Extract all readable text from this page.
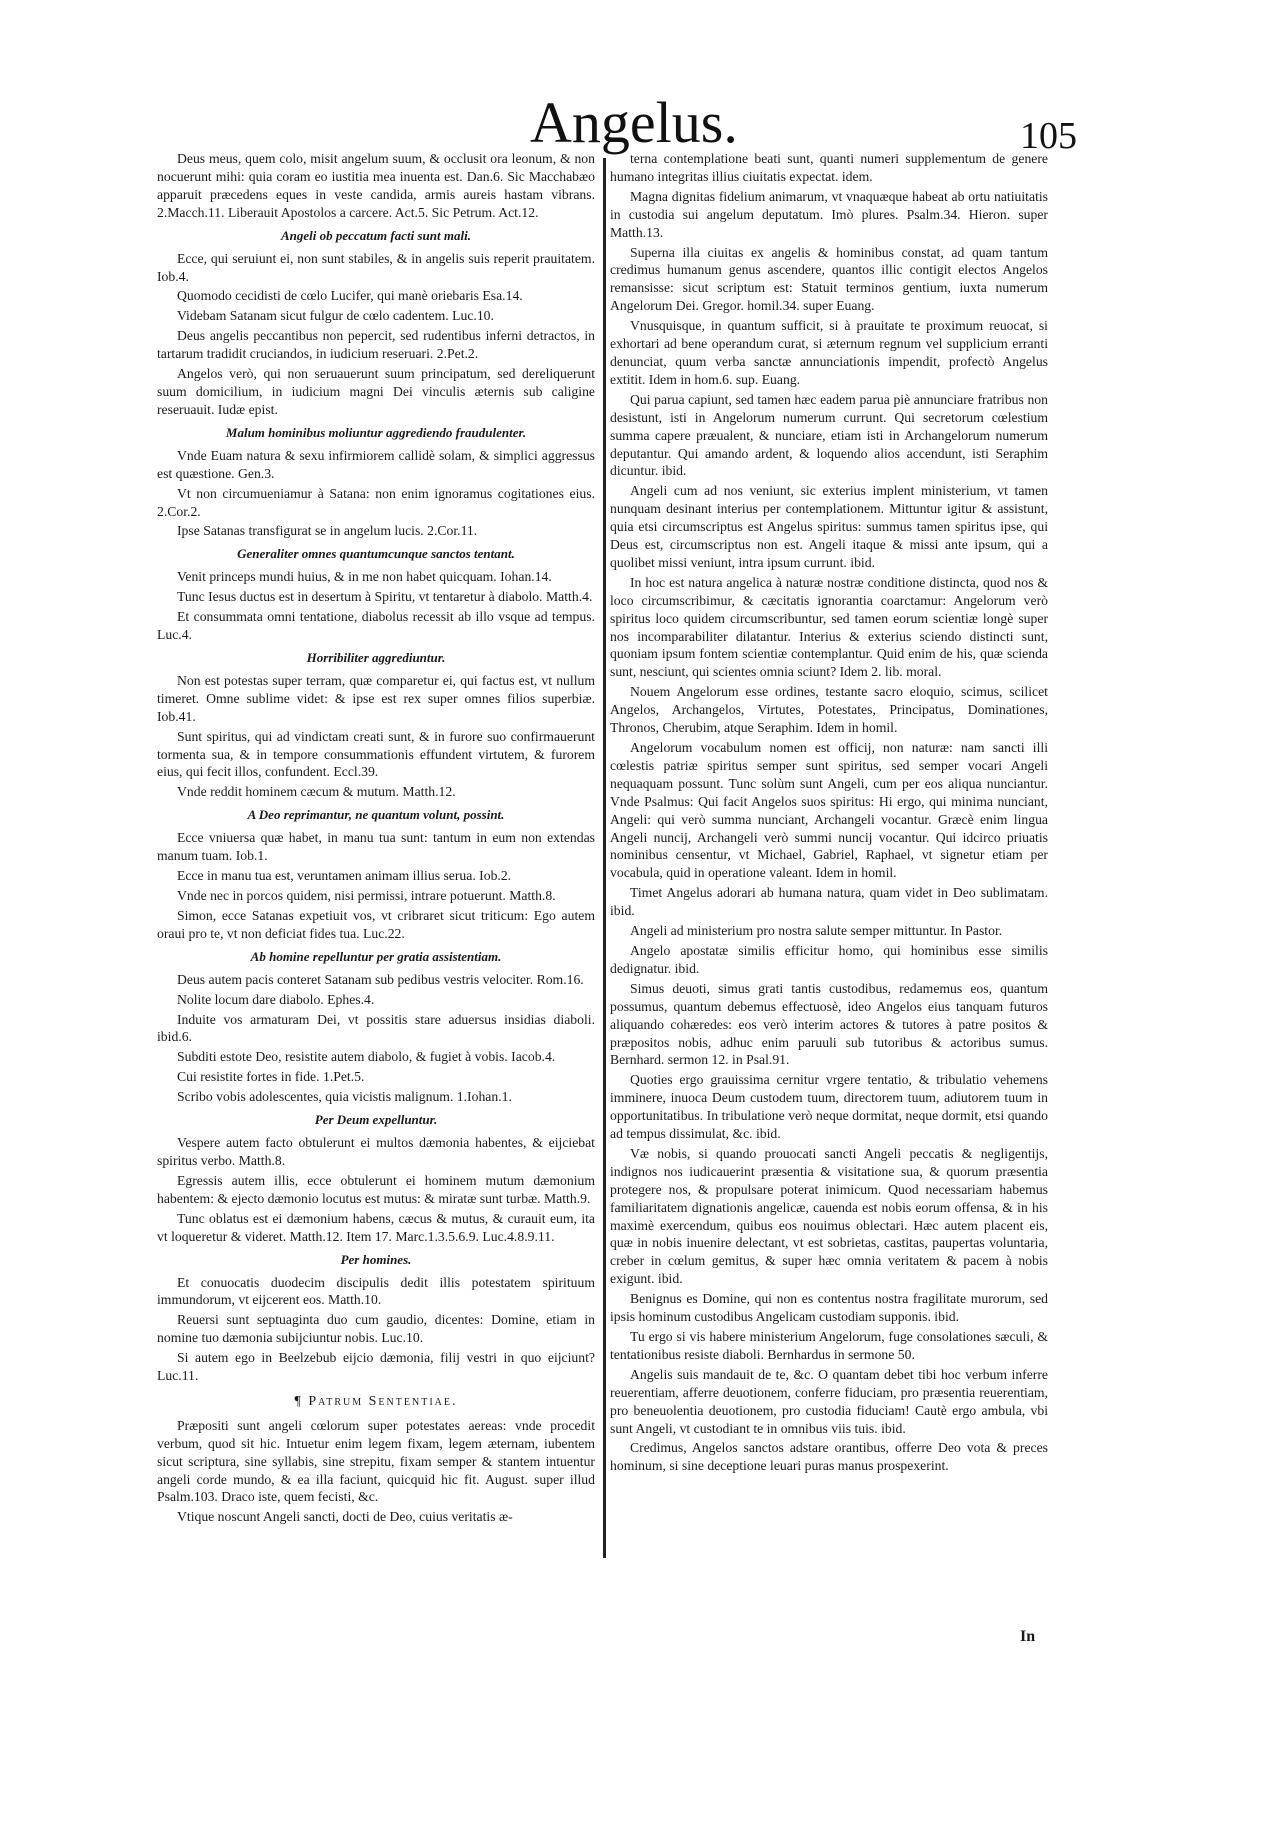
Angelus.	105
Deus meus, quem colo, misit angelum suum, & occlusit ora leonum, & non nocuerunt mihi: quia coram eo iustitia mea inuenta est. Dan.6. Sic Macchabæo apparuit præcedens eques in veste candida, armis aureis hastam vibrans. 2.Macch.11. Liberauit Apostolos a carcere. Act.5. Sic Petrum. Act.12.
Angeli ob peccatum facti sunt mali.
Ecce, qui seruiunt ei, non sunt stabiles, & in angelis suis reperit prauitatem. Iob.4.
Quomodo cecidisti de cœlo Lucifer, qui manè oriebaris Esa.14.
Videbam Satanam sicut fulgur de cœlo cadentem. Luc.10.
Deus angelis peccantibus non pepercit, sed rudentibus inferni detractos, in tartarum tradidit cruciandos, in iudicium reseruari. 2.Pet.2.
Angelos verò, qui non seruauerunt suum principatum, sed dereliquerunt suum domicilium, in iudicium magni Dei vinculis æternis sub caligine reseruauit. Iudæ epist.
Malum hominibus moliuntur aggrediendo fraudulenter.
Vnde Euam natura & sexu infirmiorem callidè solam, & simplici aggressus est quæstione. Gen.3.
Vt non circumueniamur à Satana: non enim ignoramus cogitationes eius. 2.Cor.2.
Ipse Satanas transfigurat se in angelum lucis. 2.Cor.11.
Generaliter omnes quantumcunque sanctos tentant.
Venit princeps mundi huius, & in me non habet quicquam. Iohan.14.
Tunc Iesus ductus est in desertum à Spiritu, vt tentaretur à diabolo. Matth.4.
Et consummata omni tentatione, diabolus recessit ab illo vsque ad tempus. Luc.4.
Horribiliter aggrediuntur.
Non est potestas super terram, quæ comparetur ei, qui factus est, vt nullum timeret. Omne sublime videt: & ipse est rex super omnes filios superbiæ. Iob.41.
Sunt spiritus, qui ad vindictam creati sunt, & in furore suo confirmauerunt tormenta sua, & in tempore consummationis effundent virtutem, & furorem eius, qui fecit illos, confundent. Eccl.39.
Vnde reddit hominem cæcum & mutum. Matth.12.
A Deo reprimantur, ne quantum volunt, possint.
Ecce vniuersa quæ habet, in manu tua sunt: tantum in eum non extendas manum tuam. Iob.1.
Ecce in manu tua est, veruntamen animam illius serua. Iob.2.
Vnde nec in porcos quidem, nisi permissi, intrare potuerunt. Matth.8.
Simon, ecce Satanas expetiuit vos, vt cribraret sicut triticum: Ego autem oraui pro te, vt non deficiat fides tua. Luc.22.
Ab homine repelluntur per gratia assistentiam.
Deus autem pacis conteret Satanam sub pedibus vestris velociter. Rom.16.
Nolite locum dare diabolo. Ephes.4.
Induite vos armaturam Dei, vt possitis stare aduersus insidias diaboli. ibid.6.
Subditi estote Deo, resistite autem diabolo, & fugiet à vobis. Iacob.4.
Cui resistite fortes in fide. 1.Pet.5.
Scribo vobis adolescentes, quia vicistis malignum. 1.Iohan.1.
Per Deum expelluntur.
Vespere autem facto obtulerunt ei multos dæmonia habentes, & eijciebat spiritus verbo. Matth.8.
Egressis autem illis, ecce obtulerunt ei hominem mutum dæmonium habentem: & ejecto dæmonio locutus est mutus: & miratæ sunt turbæ. Matth.9.
Tunc oblatus est ei dæmonium habens, cæcus & mutus, & curauit eum, ita vt loqueretur & videret. Matth.12. Item 17. Marc.1.3.5.6.9. Luc.4.8.9.11.
Per homines.
Et conuocatis duodecim discipulis dedit illis potestatem spirituum immundorum, vt eijcerent eos. Matth.10.
Reuersi sunt septuaginta duo cum gaudio, dicentes: Domine, etiam in nomine tuo dæmonia subijciuntur nobis. Luc.10.
Si autem ego in Beelzebub eijcio dæmonia, filij vestri in quo eijciunt? Luc.11.
¶ Patrum Sententiae.
Præpositi sunt angeli cœlorum super potestates aereas: vnde procedit verbum, quod sit hic. Intuetur enim legem fixam, legem æternam, iubentem sicut scriptura, sine syllabis, sine strepitu, fixam semper & stantem intuentur angeli corde mundo, & ea illa faciunt, quicquid hic fit. August. super illud Psalm.103. Draco iste, quem fecisti, &c.
Vtique noscunt Angeli sancti, docti de Deo, cuius veritatis æ-
terna contemplatione beati sunt, quanti numeri supplementum de genere humano integritas illius ciuitatis expectat. idem.
Magna dignitas fidelium animarum, vt vnaquæque habeat ab ortu natiuitatis in custodia sui angelum deputatum. Imò plures. Psalm.34. Hieron. super Matth.13.
Superna illa ciuitas ex angelis & hominibus constat, ad quam tantum credimus humanum genus ascendere, quantos illic contigit electos Angelos remansisse: sicut scriptum est: Statuit terminos gentium, iuxta numerum Angelorum Dei. Gregor. homil.34. super Euang.
Vnusquisque, in quantum sufficit, si à prauitate te proximum reuocat, si exhortari ad bene operandum curat, si æternum regnum vel supplicium erranti denunciat, quum verba sanctæ annunciationis impendit, profectò Angelus extitit. Idem in hom.6. sup. Euang.
Qui parua capiunt, sed tamen hæc eadem parua piè annunciare fratribus non desistunt, isti in Angelorum numerum currunt. Qui secretorum cœlestium summa capere præualent, & nunciare, etiam isti in Archangelorum numerum deputantur. Qui amando ardent, & loquendo alios accendunt, isti Seraphim dicuntur. ibid.
Angeli cum ad nos veniunt, sic exterius implent ministerium, vt tamen nunquam desinant interius per contemplationem. Mittuntur igitur & assistunt, quia etsi circumscriptus est Angelus spiritus: summus tamen spiritus ipse, qui Deus est, circumscriptus non est. Angeli itaque & missi ante ipsum, qui a quolibet missi veniunt, intra ipsum currunt. ibid.
In hoc est natura angelica à naturæ nostræ conditione distincta, quod nos & loco circumscribimur, & cæcitatis ignorantia coarctamur: Angelorum verò spiritus loco quidem circumscribuntur, sed tamen eorum scientiæ longè super nos incomparabiliter dilatantur. Interius & exterius sciendo distincti sunt, quoniam ipsum fontem scientiæ contemplantur. Quid enim de his, quæ scienda sunt, nesciunt, qui scientes omnia sciunt? Idem 2. lib. moral.
Nouem Angelorum esse ordines, testante sacro eloquio, scimus, scilicet Angelos, Archangelos, Virtutes, Potestates, Principatus, Dominationes, Thronos, Cherubim, atque Seraphim. Idem in homil.
Angelorum vocabulum nomen est officij, non naturæ: nam sancti illi cœlestis patriæ spiritus semper sunt spiritus, sed semper vocari Angeli nequaquam possunt. Tunc solùm sunt Angeli, cum per eos aliqua nunciantur. Vnde Psalmus: Qui facit Angelos suos spiritus: Hi ergo, qui minima nunciant, Angeli: qui verò summa nunciant, Archangeli vocantur. Græcè enim lingua Angeli nuncij, Archangeli verò summi nuncij vocantur. Qui idcirco priuatis nominibus censentur, vt Michael, Gabriel, Raphael, vt signetur etiam per vocabula, quid in operatione valeant. Idem in homil.
Timet Angelus adorari ab humana natura, quam videt in Deo sublimatam. ibid.
Angeli ad ministerium pro nostra salute semper mittuntur. In Pastor.
Angelo apostatæ similis efficitur homo, qui hominibus esse similis dedignatur. ibid.
Simus deuoti, simus grati tantis custodibus, redamemus eos, quantum possumus, quantum debemus effectuosè, ideo Angelos eius tanquam futuros aliquando cohæredes: eos verò interim actores & tutores à patre positos & præpositos nobis, adhuc enim paruuli sub tutoribus & actoribus sumus. Bernhard. sermon 12. in Psal.91.
Quoties ergo grauissima cernitur vrgere tentatio, & tribulatio vehemens imminere, inuoca Deum custodem tuum, directorem tuum, adiutorem tuum in opportunitatibus. In tribulatione verò neque dormitat, neque dormit, etsi quando ad tempus dissimulat, &c. ibid.
Væ nobis, si quando prouocati sancti Angeli peccatis & negligentijs, indignos nos iudicauerint præsentia & visitatione sua, & quorum præsentia protegere nos, & propulsare poterat inimicum. Quod necessariam habemus familiaritatem dignationis angelicæ, cauenda est nobis eorum offensa, & in his maximè exercendum, quibus eos nouimus oblectari. Hæc autem placent eis, quæ in nobis inuenire delectant, vt est sobrietas, castitas, paupertas voluntaria, creber in cœlum gemitus, & super hæc omnia veritatem & pacem à nobis exigunt. ibid.
Benignus es Domine, qui non es contentus nostra fragilitate murorum, sed ipsis hominum custodibus Angelicam custodiam supponis. ibid.
Tu ergo si vis habere ministerium Angelorum, fuge consolationes sæculi, & tentationibus resiste diaboli. Bernhardus in sermone 50.
Angelis suis mandauit de te, &c. O quantam debet tibi hoc verbum inferre reuerentiam, afferre deuotionem, conferre fiduciam, pro præsentia reuerentiam, pro beneuolentia deuotionem, pro custodia fiduciam! Cautè ergo ambula, vbi sunt Angeli, vt custodiant te in omnibus viis tuis. ibid.
Credimus, Angelos sanctos adstare orantibus, offerre Deo vota & preces hominum, si sine deceptione leuari puras manus prospexerint.
In
